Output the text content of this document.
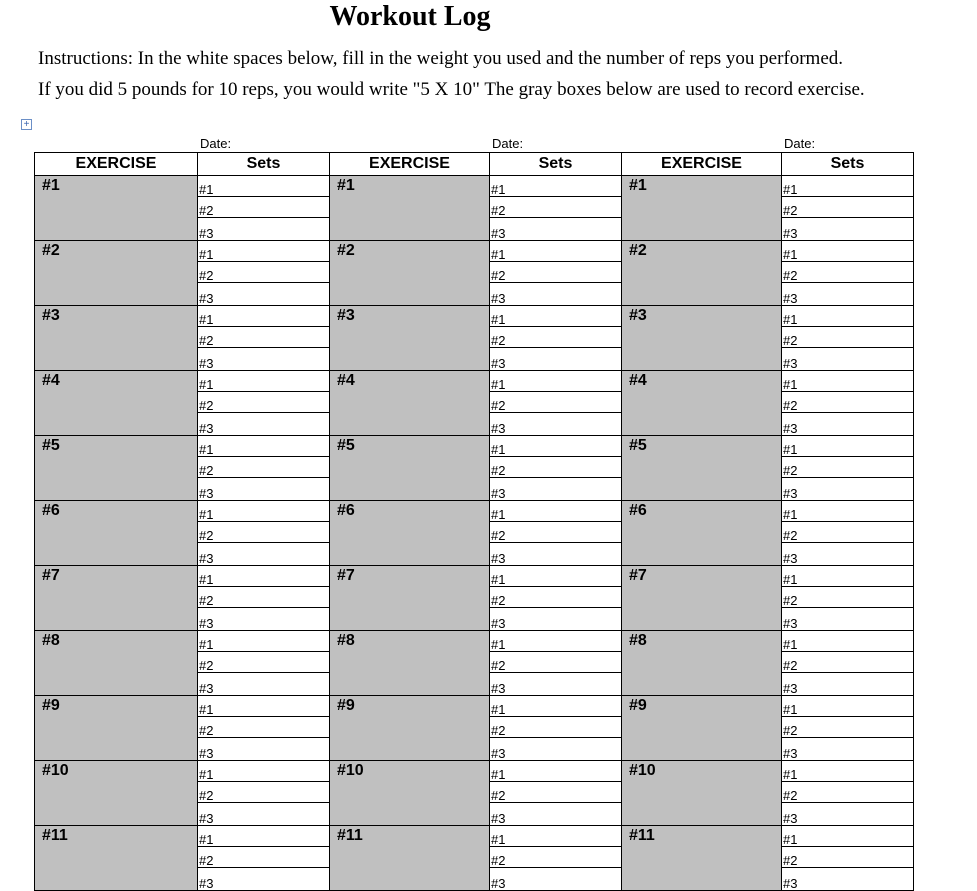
Workout Log

Instructions: In the white spaces below, fill in the weight you used and the number of reps you performed.

If you did 5 pounds for 10 reps, you would write "5 X 10" The gray boxes below are used to record exercise.

+
Date:	Date:	Date:
EXERCISE	Sets	EXERCISE	Sets	EXERCISE	Sets
#1	#1	#1	#1	#1	#1
	#2		#2		#2
	#3		#3		#3
#2	#1	#2	#1	#2	#1
	#2		#2		#2
	#3		#3		#3
#3	#1	#3	#1	#3	#1
	#2		#2		#2
	#3		#3		#3
#4	#1	#4	#1	#4	#1
	#2		#2		#2
	#3		#3		#3
#5	#1	#5	#1	#5	#1
	#2		#2		#2
	#3		#3		#3
#6	#1	#6	#1	#6	#1
	#2		#2		#2
	#3		#3		#3
#7	#1	#7	#1	#7	#1
	#2		#2		#2
	#3		#3		#3
#8	#1	#8	#1	#8	#1
	#2		#2		#2
	#3		#3		#3
#9	#1	#9	#1	#9	#1
	#2		#2		#2
	#3		#3		#3
#10	#1	#10	#1	#10	#1
	#2		#2		#2
	#3		#3		#3
#11	#1	#11	#1	#11	#1
	#2		#2		#2
	#3		#3		#3
